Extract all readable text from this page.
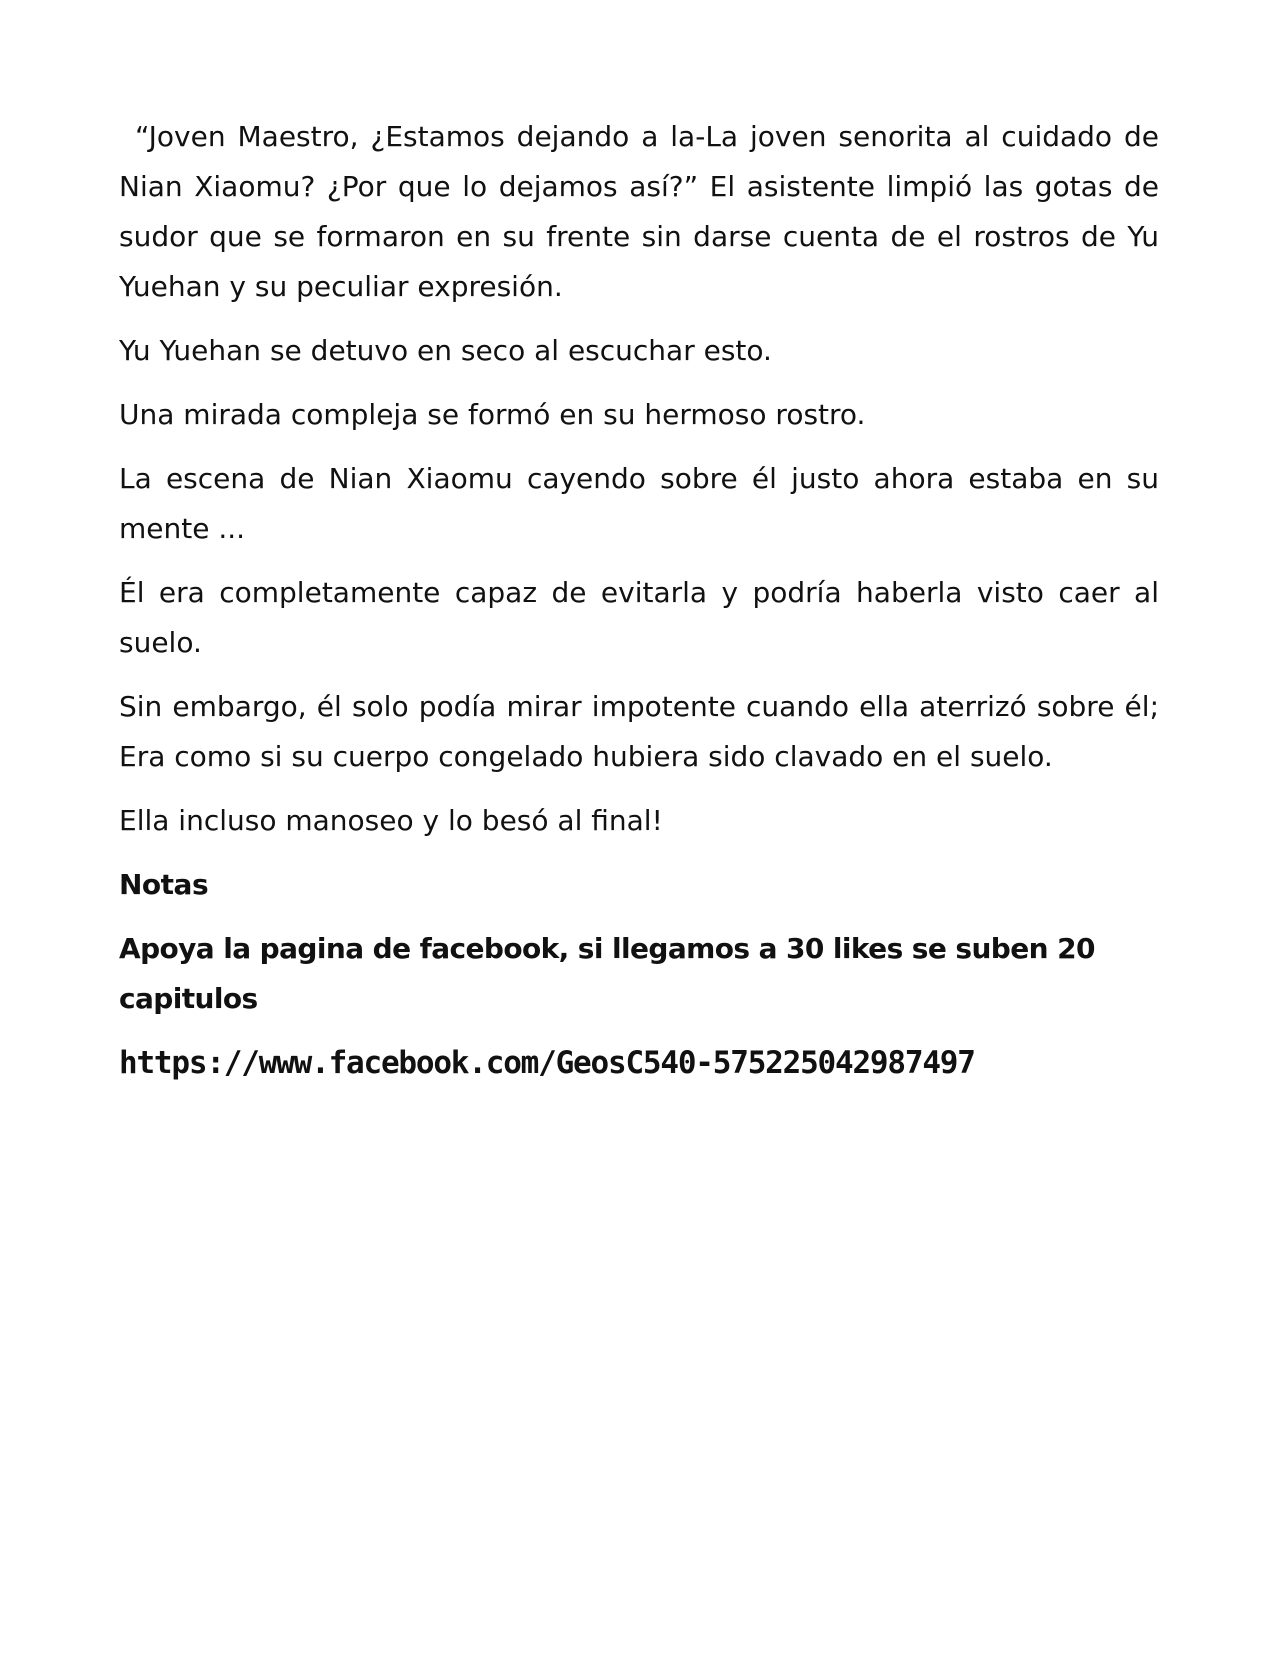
“Joven Maestro, ¿Estamos dejando a la-La joven senorita al cuidado de Nian Xiaomu? ¿Por que lo dejamos así?” El asistente limpió las gotas de sudor que se formaron en su frente sin darse cuenta de el rostros de Yu Yuehan y su peculiar expresión.

Yu Yuehan se detuvo en seco al escuchar esto.

Una mirada compleja se formó en su hermoso rostro.

La escena de Nian Xiaomu cayendo sobre él justo ahora estaba en su mente ...

Él era completamente capaz de evitarla y podría haberla visto caer al suelo.

Sin embargo, él solo podía mirar impotente cuando ella aterrizó sobre él; Era como si su cuerpo congelado hubiera sido clavado en el suelo.

Ella incluso manoseo y lo besó al final!

Notas

Apoya la pagina de facebook, si llegamos a 30 likes se suben 20 capitulos

https://www.facebook.com/GeosC540-575225042987497
